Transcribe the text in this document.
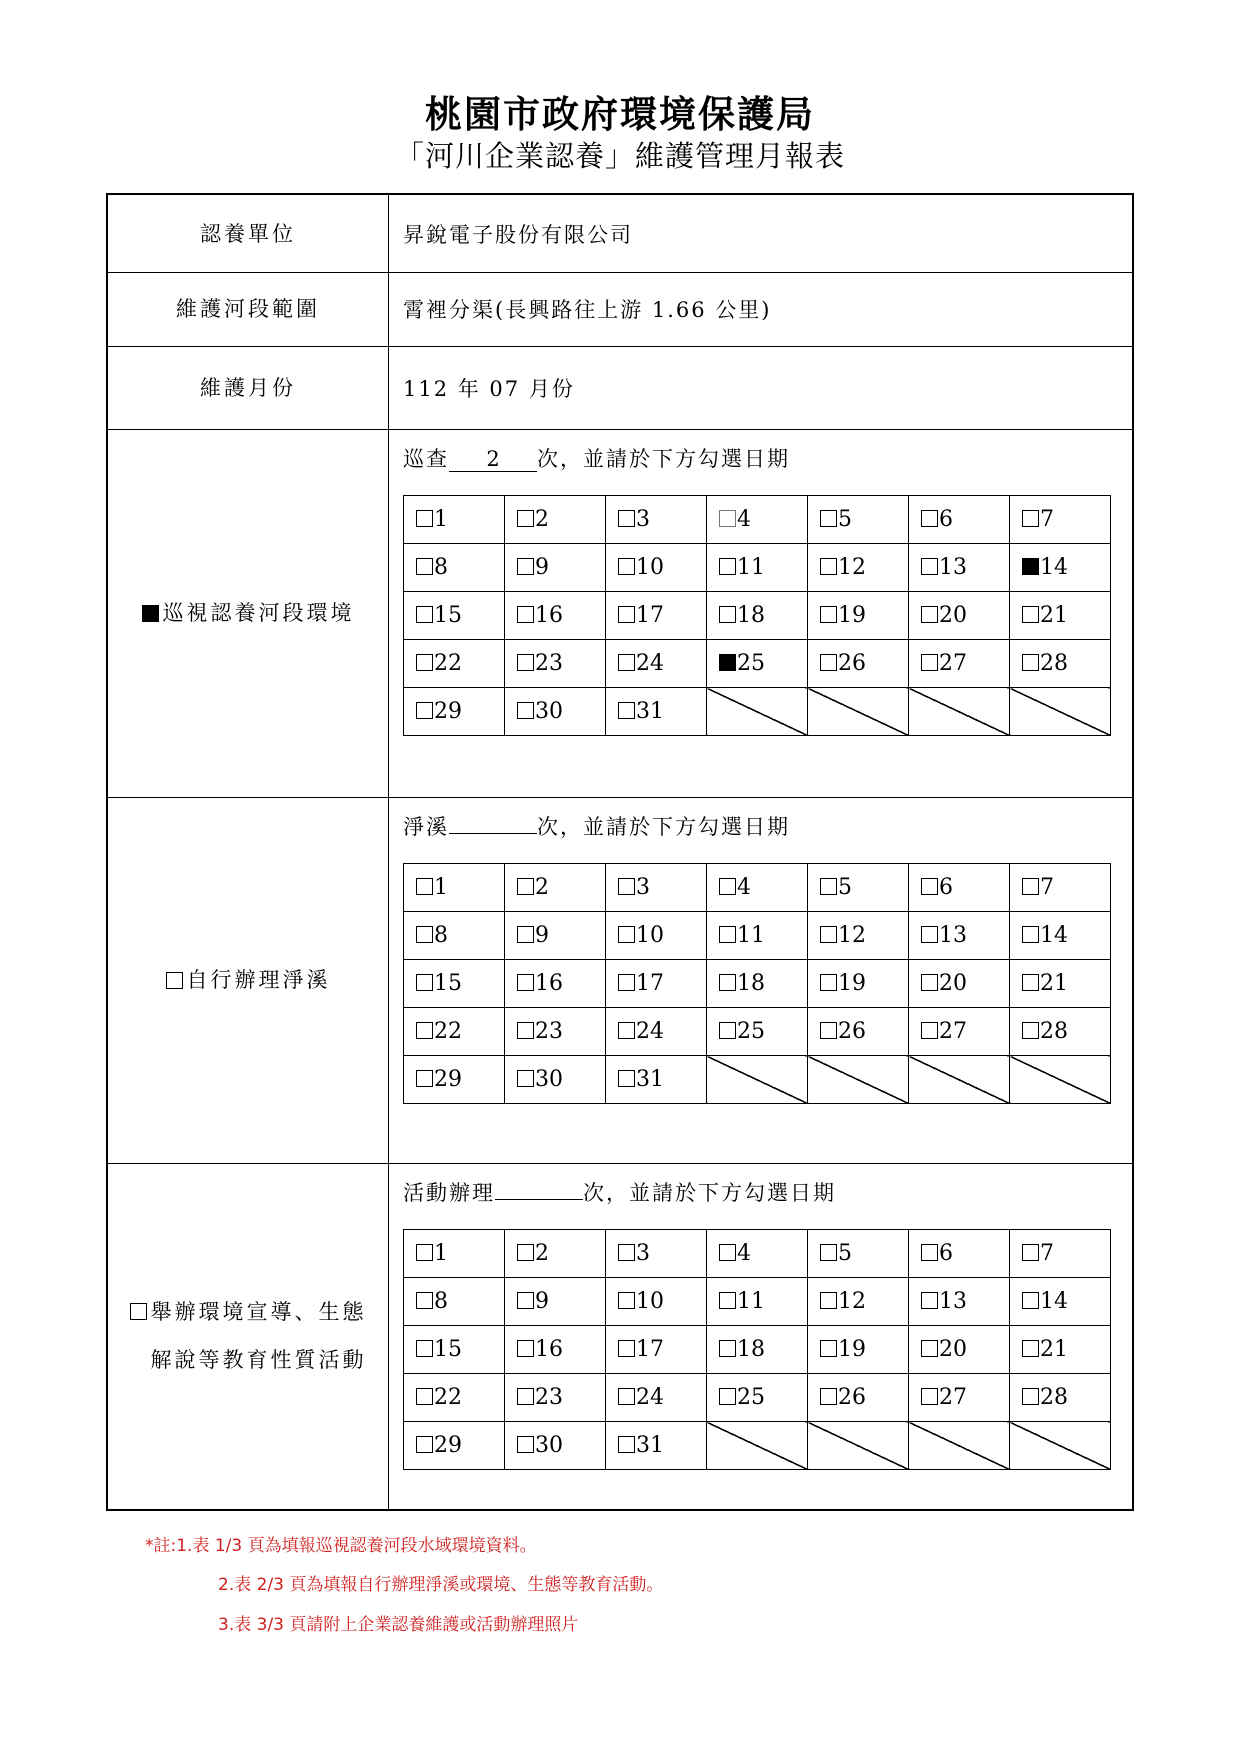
桃園市政府環境保護局
「河川企業認養」維護管理月報表
認養單位	昇銳電子股份有限公司
維護河段範圍	霄裡分渠(長興路往上游 1.66 公里)
維護月份	112 年 07 月份
巡視認養河段環境
巡查 2 次，並請於下方勾選日期
1	2	3	4	5	6	7
8	9	10	11	12	13	14
15	16	17	18	19	20	21
22	23	24	25	26	27	28
29	30	31				
自行辦理淨溪
淨溪	次，並請於下方勾選日期
1	2	3	4	5	6	7
8	9	10	11	12	13	14
15	16	17	18	19	20	21
22	23	24	25	26	27	28
29	30	31				
舉辦環境宣導、生態
解說等教育性質活動
活動辦理	次，並請於下方勾選日期
1	2	3	4	5	6	7
8	9	10	11	12	13	14
15	16	17	18	19	20	21
22	23	24	25	26	27	28
29	30	31				
*註:1.表 1/3 頁為填報巡視認養河段水域環境資料。
2.表 2/3 頁為填報自行辦理淨溪或環境、生態等教育活動。
3.表 3/3 頁請附上企業認養維護或活動辦理照片
